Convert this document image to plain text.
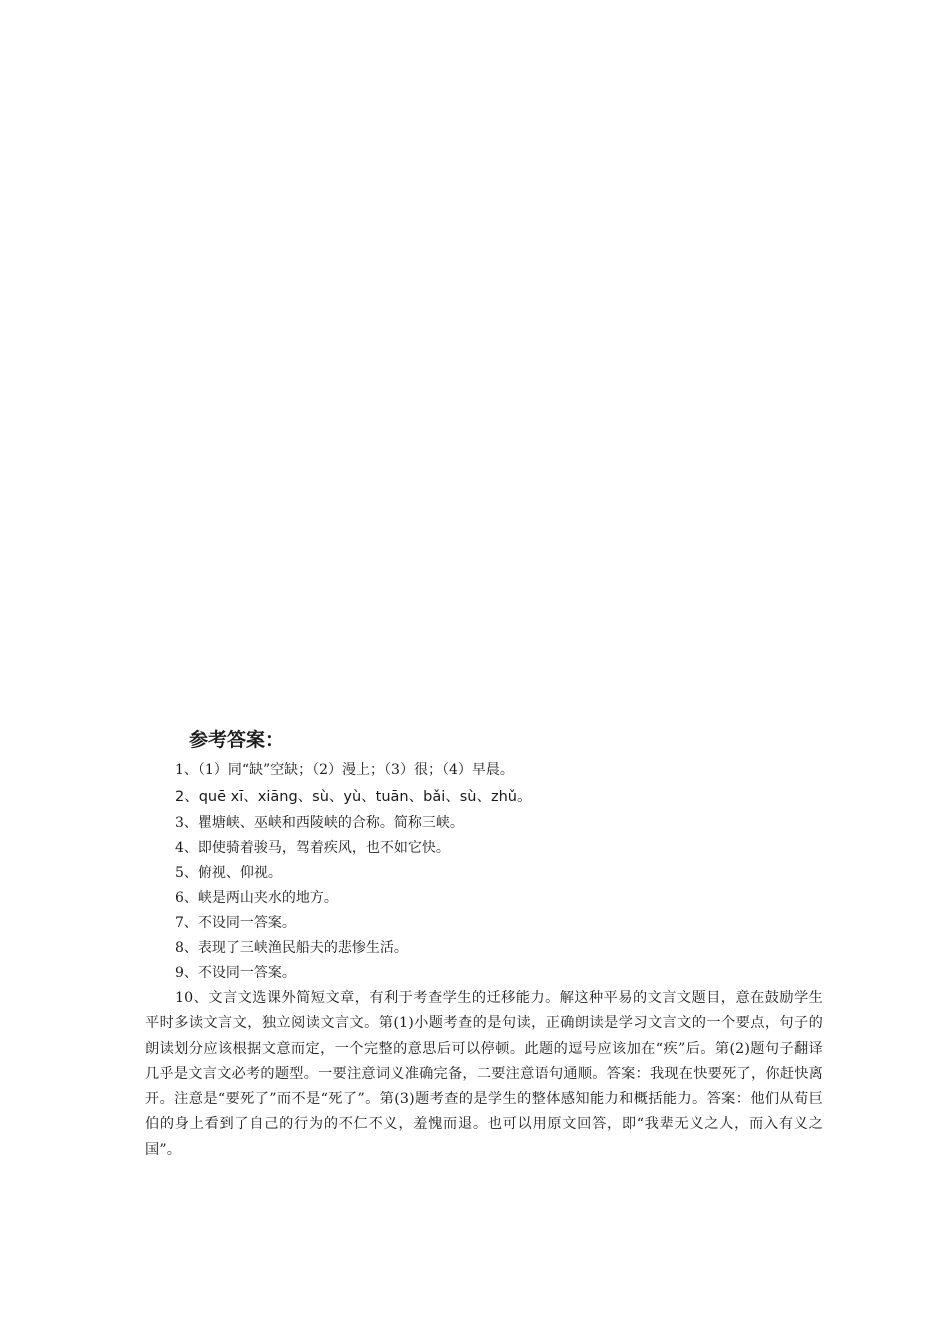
参考答案：
1、（1）同“缺”空缺；（2）漫上；（3）很；（4）早晨。
2、quē xī、xiāng、sù、yù、tuān、bǎi、sù、zhǔ。
3、瞿塘峡、巫峡和西陵峡的合称。简称三峡。
4、即使骑着骏马，驾着疾风，也不如它快。
5、俯视、仰视。
6、峡是两山夹水的地方。
7、不设同一答案。
8、表现了三峡渔民船夫的悲惨生活。
9、不设同一答案。

10、文言文选课外简短文章，有利于考查学生的迁移能力。解这种平易的文言文题目，意在鼓励学生平时多读文言文，独立阅读文言文。第(1)小题考查的是句读，正确朗读是学习文言文的一个要点，句子的朗读划分应该根据文意而定，一个完整的意思后可以停顿。此题的逗号应该加在“疾”后。第(2)题句子翻译几乎是文言文必考的题型。一要注意词义准确完备，二要注意语句通顺。答案：我现在快要死了，你赶快离开。注意是“要死了”而不是“死了”。第(3)题考查的是学生的整体感知能力和概括能力。答案：他们从荀巨伯的身上看到了自己的行为的不仁不义，羞愧而退。也可以用原文回答，即“我辈无义之人，而入有义之国”。
